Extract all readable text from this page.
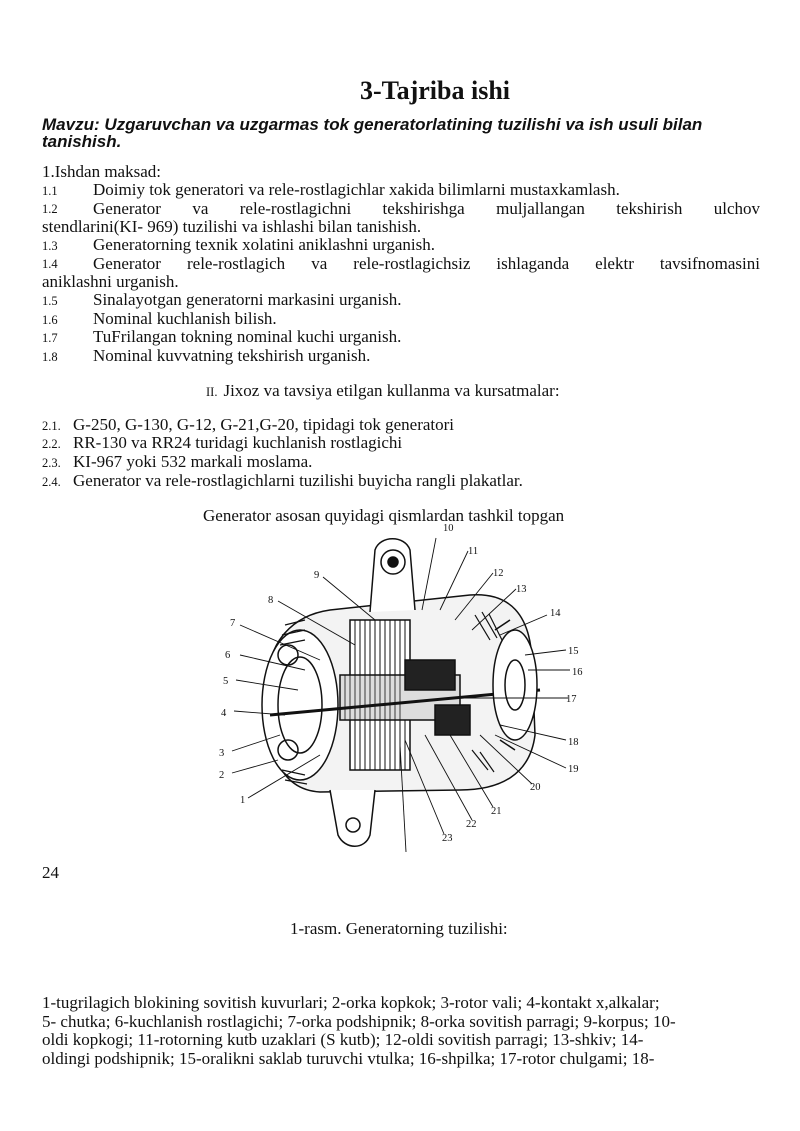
3-Tajriba ishi
Mavzu: Uzgaruvchan va uzgarmas tok generatorlatining tuzilishi va ish usuli bilan tanishish.
1.Ishdan maksad:
1.1 Doimiy tok generatori va rele-rostlagichlar xakida bilimlarni mustaxkamlash.
1.2	Generator va rele-rostlagichni tekshirishga muljallangan tekshirish ulchov
stendlarini(KI- 969) tuzilishi va ishlashi bilan tanishish.
1.3 Generatorning texnik xolatini aniklashni urganish.
1.4	Generator rele-rostlagich va rele-rostlagichsiz ishlaganda elektr tavsifnomasini
aniklashni urganish.
1.5 Sinalayotgan generatorni markasini urganish.
1.6 Nominal kuchlanish bilish.
1.7 TuFrilangan tokning nominal kuchi urganish.
1.8 Nominal kuvvatning tekshirish urganish.
II. Jixoz va tavsiya etilgan kullanma va kursatmalar:
2.1. G-250, G-130, G-12, G-21,G-20, tipidagi tok generatori
2.2. RR-130 va RR24 turidagi kuchlanish rostlagichi
2.3. KI-967 yoki 532 markali moslama.
2.4. Generator va rele-rostlagichlarni tuzilishi buyicha rangli plakatlar.
Generator asosan quyidagi qismlardan tashkil topgan
1
2
3
4
5
6
7
8
9
10
11
12
13
14
15
16
17
18
19
20
21
22
23
24
1-rasm. Generatorning tuzilishi:
1-tugrilagich blokining sovitish kuvurlari; 2-orka kopkok; 3-rotor vali; 4-kontakt x,alkalar;
5- chutka; 6-kuchlanish rostlagichi; 7-orka podshipnik; 8-orka sovitish parragi; 9-korpus; 10-
oldi kopkogi; 11-rotorning kutb uzaklari (S kutb); 12-oldi sovitish parragi; 13-shkiv; 14-
oldingi podshipnik; 15-oralikni saklab turuvchi vtulka; 16-shpilka; 17-rotor chulgami; 18-
